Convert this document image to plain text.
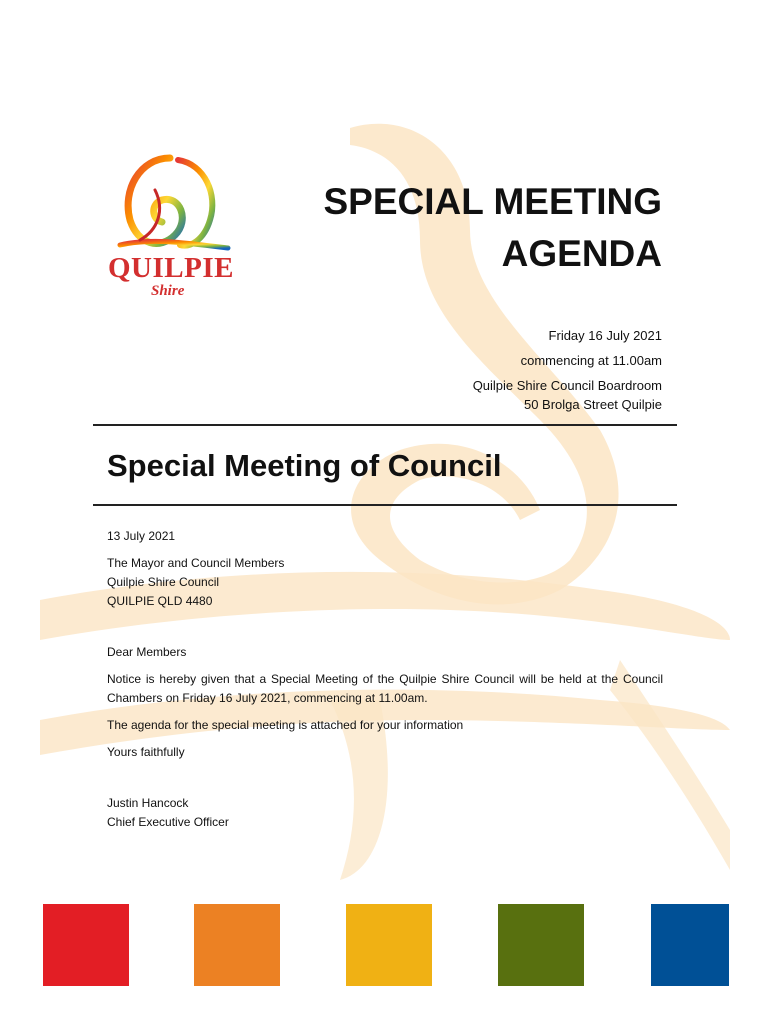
QUILPIE
Shire
SPECIAL MEETING
AGENDA
Friday 16 July 2021
commencing at 11.00am
Quilpie Shire Council Boardroom
50 Brolga Street Quilpie
Special Meeting of Council

13 July 2021

The Mayor and Council Members

Quilpie Shire Council

QUILPIE QLD 4480

Dear Members

Notice is hereby given that a Special Meeting of the Quilpie Shire Council will be held at the Council Chambers on Friday 16 July 2021, commencing at 11.00am.

The agenda for the special meeting is attached for your information

Yours faithfully

Justin Hancock

Chief Executive Officer
